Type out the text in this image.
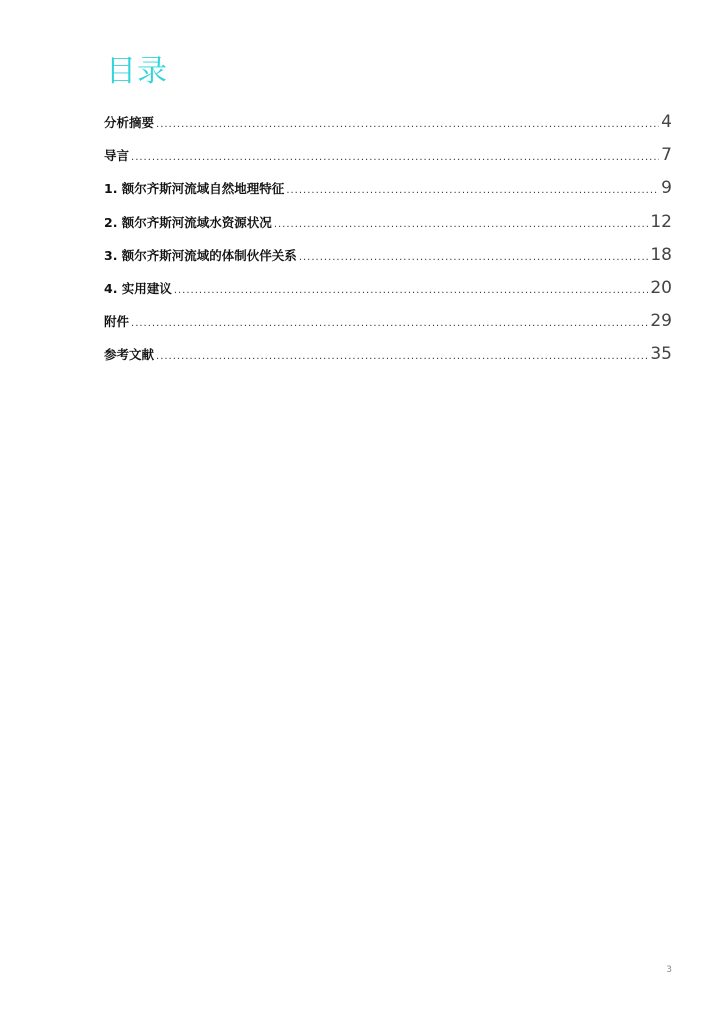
目录
分析摘要 .....	4
导言 .....	7
1. 额尔齐斯河流域自然地理特征 .....	9
2. 额尔齐斯河流域水资源状况 .....	12
3. 额尔齐斯河流域的体制伙伴关系 .....	18
4. 实用建议 .....	20
附件 .....	29
参考文献 .....	35
3
